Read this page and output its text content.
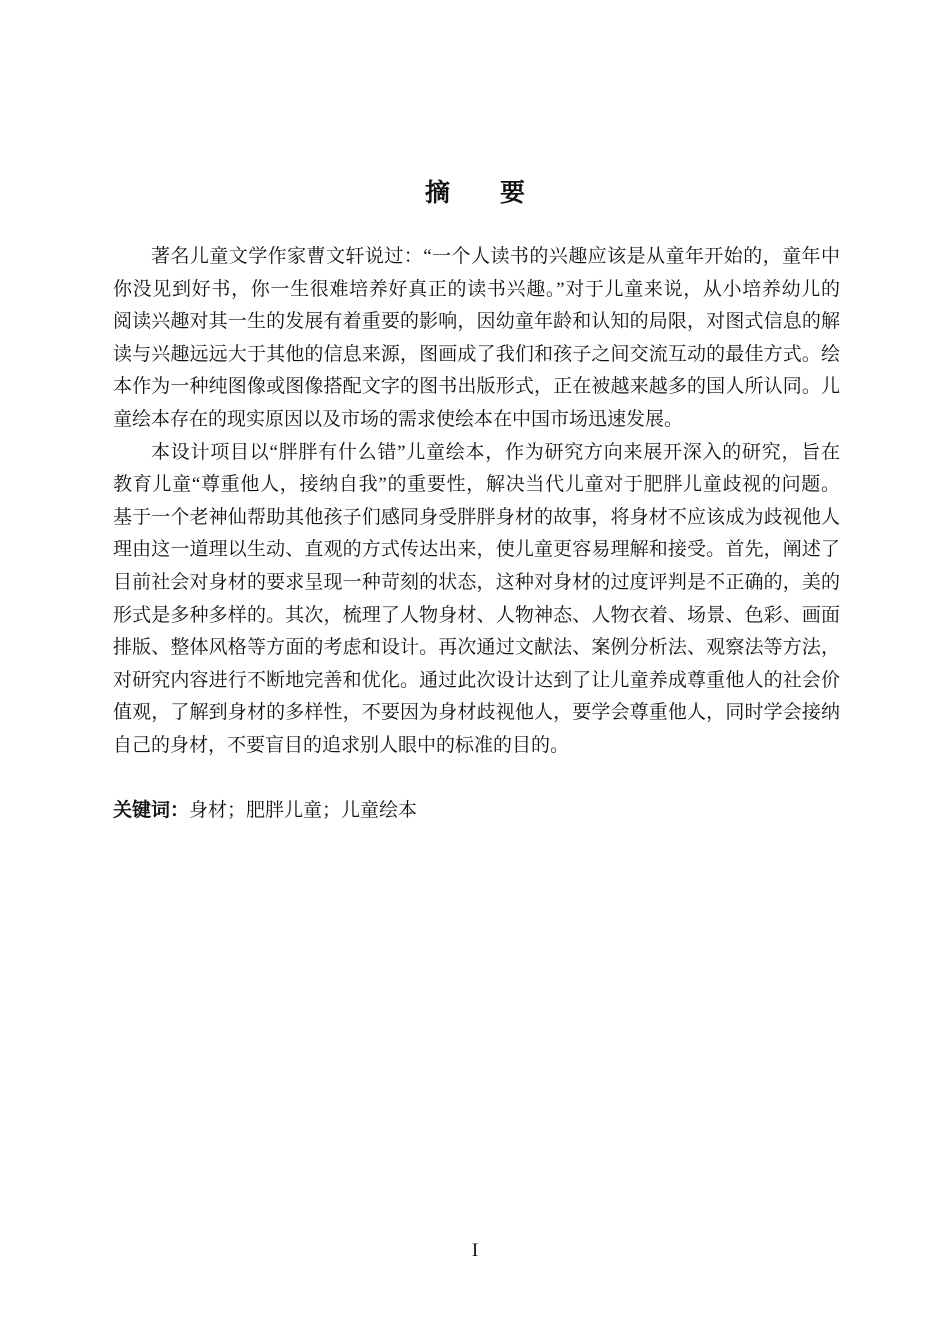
摘　　要
著名儿童文学作家曹文轩说过：“一个人读书的兴趣应该是从童年开始的，童年中
你没见到好书，你一生很难培养好真正的读书兴趣。”对于儿童来说，从小培养幼儿的
阅读兴趣对其一生的发展有着重要的影响，因幼童年龄和认知的局限，对图式信息的解
读与兴趣远远大于其他的信息来源，图画成了我们和孩子之间交流互动的最佳方式。绘
本作为一种纯图像或图像搭配文字的图书出版形式，正在被越来越多的国人所认同。儿
童绘本存在的现实原因以及市场的需求使绘本在中国市场迅速发展。
本设计项目以“胖胖有什么错”儿童绘本，作为研究方向来展开深入的研究，旨在
教育儿童“尊重他人，接纳自我”的重要性，解决当代儿童对于肥胖儿童歧视的问题。
基于一个老神仙帮助其他孩子们感同身受胖胖身材的故事，将身材不应该成为歧视他人
理由这一道理以生动、直观的方式传达出来，使儿童更容易理解和接受。首先，阐述了
目前社会对身材的要求呈现一种苛刻的状态，这种对身材的过度评判是不正确的，美的
形式是多种多样的。其次，梳理了人物身材、人物神态、人物衣着、场景、色彩、画面
排版、整体风格等方面的考虑和设计。再次通过文献法、案例分析法、观察法等方法，
对研究内容进行不断地完善和优化。通过此次设计达到了让儿童养成尊重他人的社会价
值观，了解到身材的多样性，不要因为身材歧视他人，要学会尊重他人，同时学会接纳
自己的身材，不要盲目的追求别人眼中的标准的目的。
关键词：身材；肥胖儿童；儿童绘本
I
